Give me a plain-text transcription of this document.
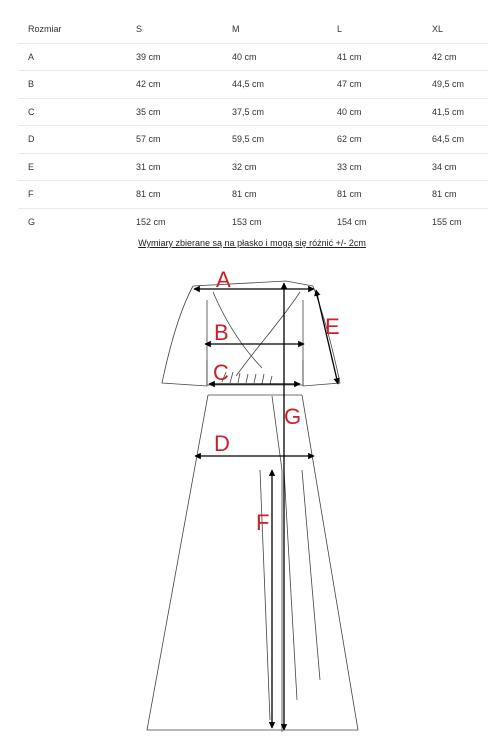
Rozmiar	S	M	L	XL
A	39 cm	40 cm	41 cm	42 cm
B	42 cm	44,5 cm	47 cm	49,5 cm
C	35 cm	37,5 cm	40 cm	41,5 cm
D	57 cm	59,5 cm	62 cm	64,5 cm
E	31 cm	32 cm	33 cm	34 cm
F	81 cm	81 cm	81 cm	81 cm
G	152 cm	153 cm	154 cm	155 cm
Wymiary zbierane są na płasko i mogą się różnić +/- 2cm
A
B
C
D
E
F
G
